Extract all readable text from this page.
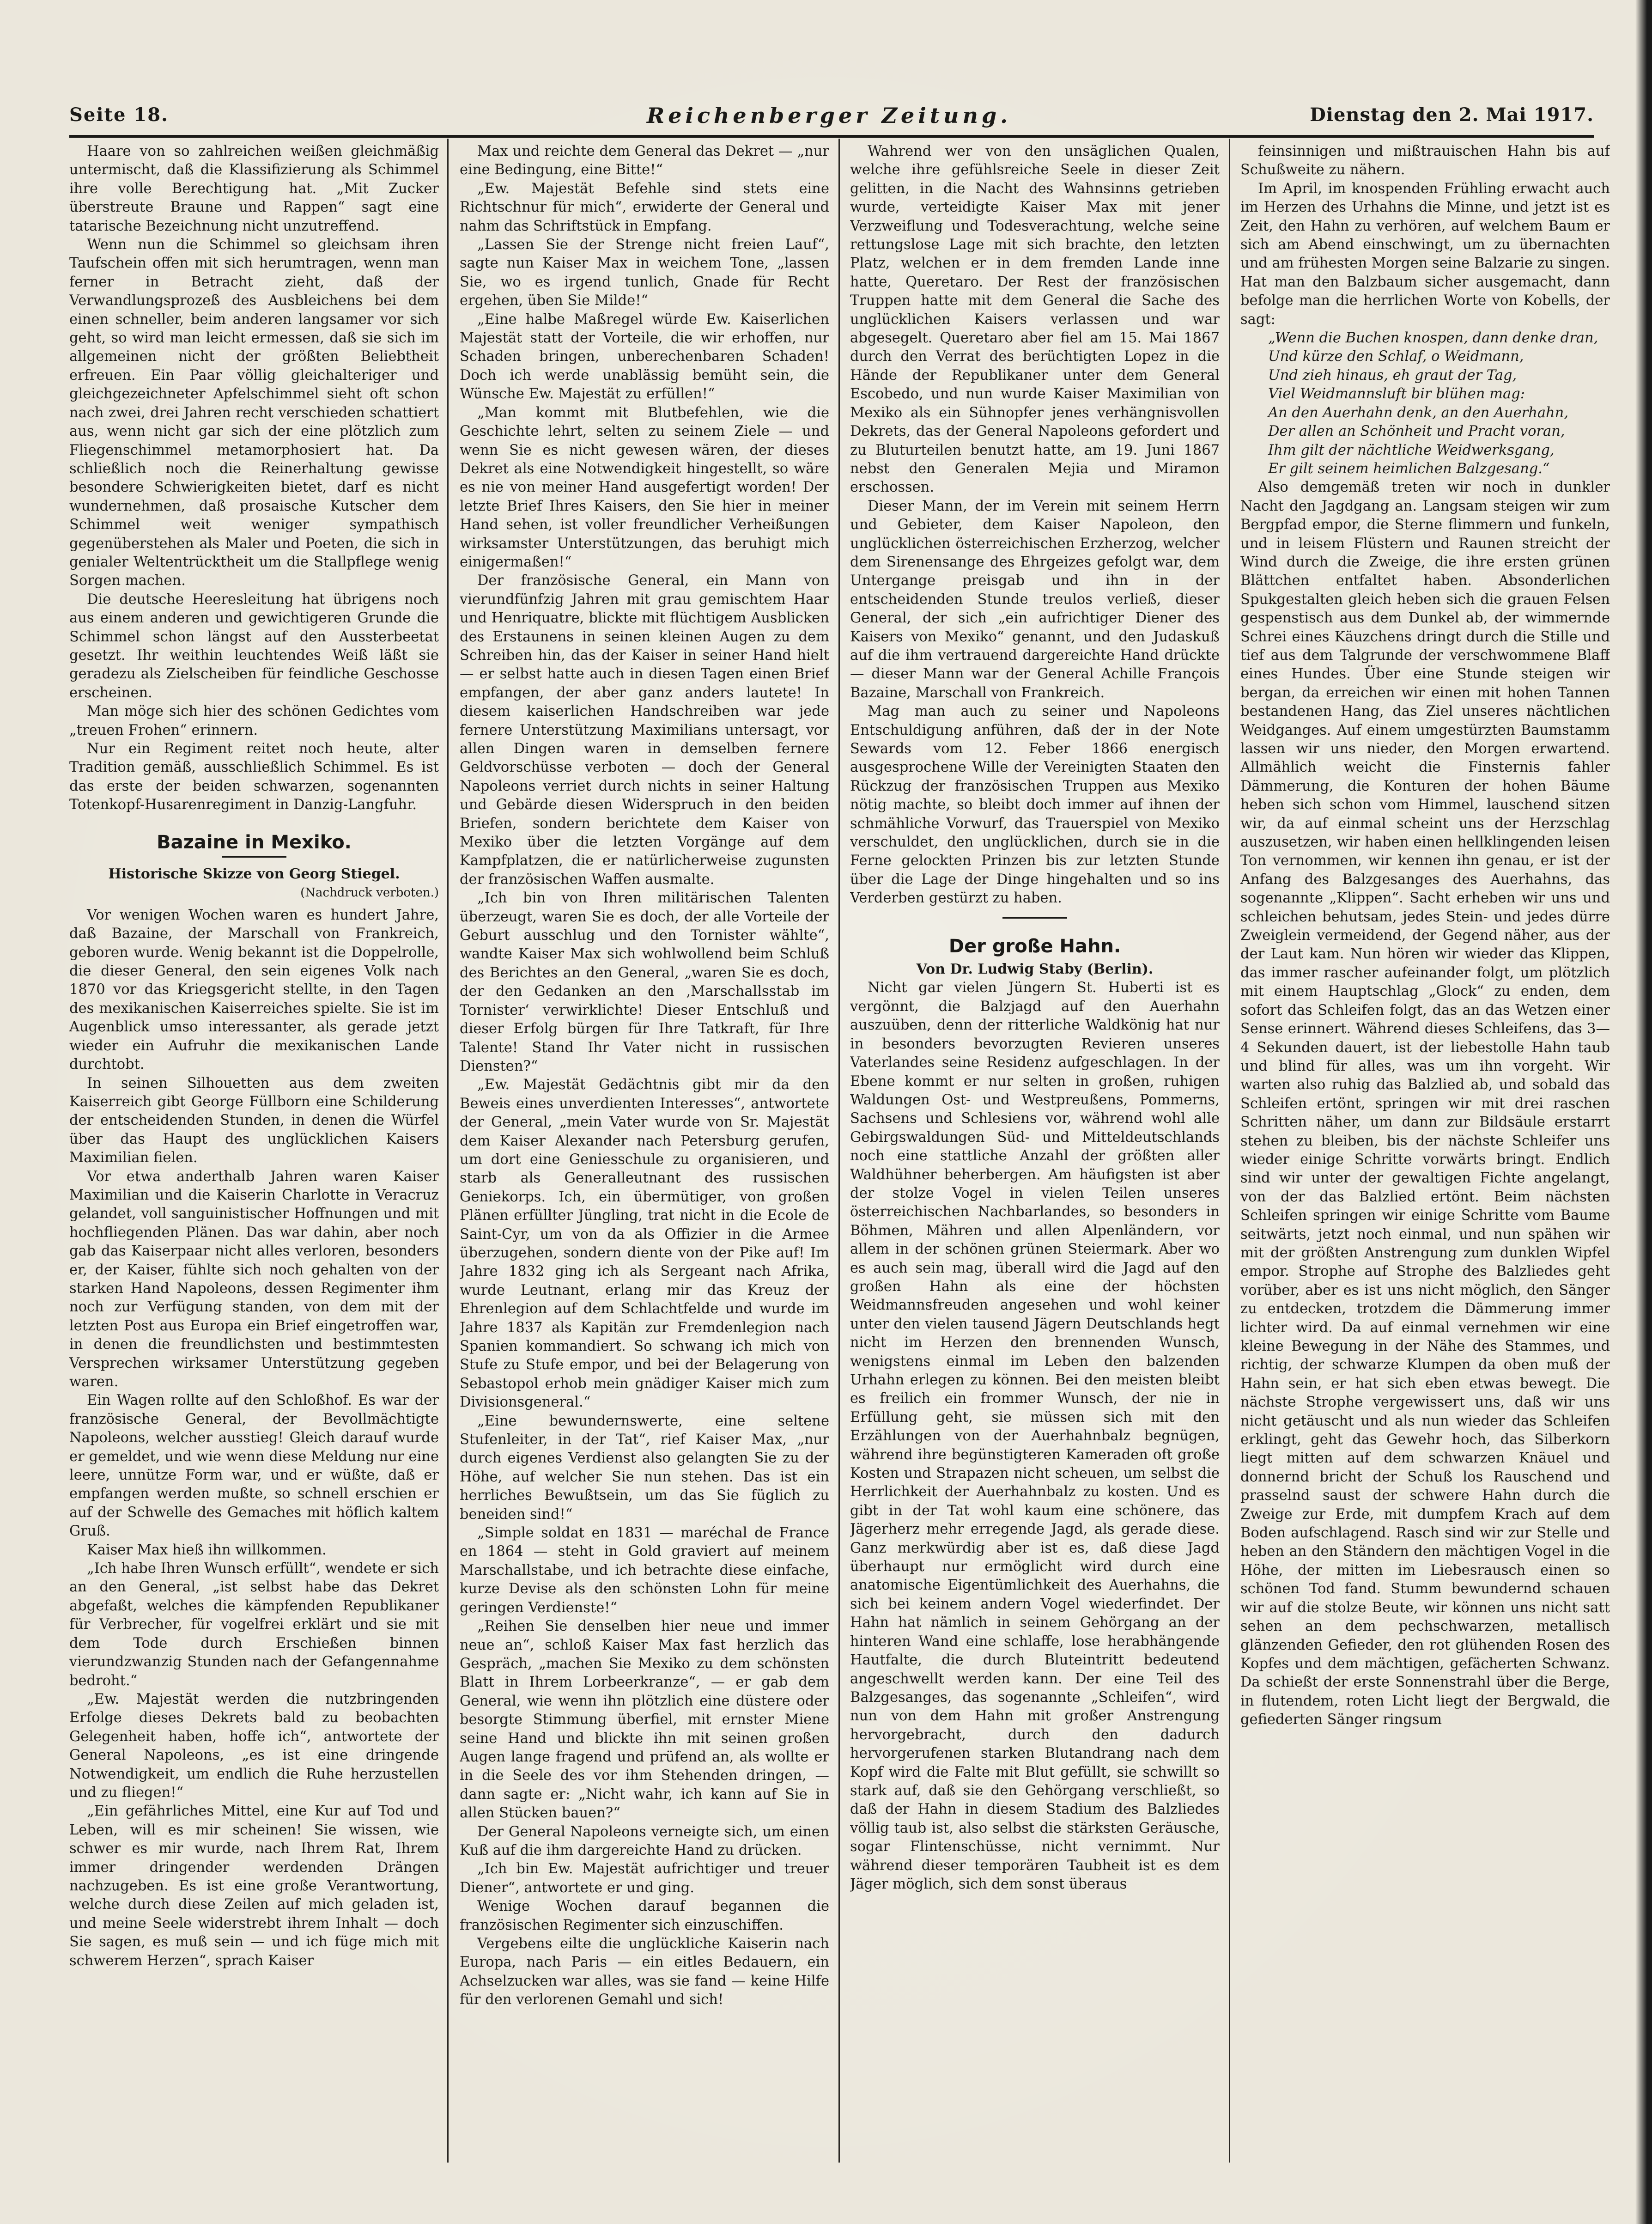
Seite 18.	Reichenberger Zeitung.	Dienstag den 2. Mai 1917.

Haare von so zahlreichen weißen gleichmäßig untermischt, daß die Klassifizierung als Schimmel ihre volle Berechtigung hat. „Mit Zucker überstreute Braune und Rappen“ sagt eine tatarische Bezeichnung nicht unzutreffend.

Wenn nun die Schimmel so gleichsam ihren Taufschein offen mit sich herumtragen, wenn man ferner in Betracht zieht, daß der Verwandlungsprozeß des Ausbleichens bei dem einen schneller, beim anderen langsamer vor sich geht, so wird man leicht ermessen, daß sie sich im allgemeinen nicht der größten Beliebtheit erfreuen. Ein Paar völlig gleichalteriger und gleichgezeichneter Apfelschimmel sieht oft schon nach zwei, drei Jahren recht verschieden schattiert aus, wenn nicht gar sich der eine plötzlich zum Fliegenschimmel metamorphosiert hat. Da schließlich noch die Reinerhaltung gewisse besondere Schwierigkeiten bietet, darf es nicht wundernehmen, daß prosaische Kutscher dem Schimmel weit weniger sympathisch gegenüberstehen als Maler und Poeten, die sich in genialer Weltentrücktheit um die Stallpflege wenig Sorgen machen.

Die deutsche Heeresleitung hat übrigens noch aus einem anderen und gewichtigeren Grunde die Schimmel schon längst auf den Aussterbeetat gesetzt. Ihr weithin leuchtendes Weiß läßt sie geradezu als Zielscheiben für feindliche Geschosse erscheinen.

Man möge sich hier des schönen Gedichtes vom „treuen Frohen“ erinnern.

Nur ein Regiment reitet noch heute, alter Tradition gemäß, ausschließlich Schimmel. Es ist das erste der beiden schwarzen, sogenannten Totenkopf-Husarenregiment in Danzig-Langfuhr.

Bazaine in Mexiko.

Historische Skizze von Georg Stiegel.

(Nachdruck verboten.)

Vor wenigen Wochen waren es hundert Jahre, daß Bazaine, der Marschall von Frankreich, geboren wurde. Wenig bekannt ist die Doppelrolle, die dieser General, den sein eigenes Volk nach 1870 vor das Kriegsgericht stellte, in den Tagen des mexikanischen Kaiserreiches spielte. Sie ist im Augenblick umso interessanter, als gerade jetzt wieder ein Aufruhr die mexikanischen Lande durchtobt.

In seinen Silhouetten aus dem zweiten Kaiserreich gibt George Füllborn eine Schilderung der entscheidenden Stunden, in denen die Würfel über das Haupt des unglücklichen Kaisers Maximilian fielen.

Vor etwa anderthalb Jahren waren Kaiser Maximilian und die Kaiserin Charlotte in Veracruz gelandet, voll sanguinistischer Hoffnungen und mit hochfliegenden Plänen. Das war dahin, aber noch gab das Kaiserpaar nicht alles verloren, besonders er, der Kaiser, fühlte sich noch gehalten von der starken Hand Napoleons, dessen Regimenter ihm noch zur Verfügung standen, von dem mit der letzten Post aus Europa ein Brief eingetroffen war, in denen die freundlichsten und bestimmtesten Versprechen wirksamer Unterstützung gegeben waren.

Ein Wagen rollte auf den Schloßhof. Es war der französische General, der Bevollmächtigte Napoleons, welcher ausstieg! Gleich darauf wurde er gemeldet, und wie wenn diese Meldung nur eine leere, unnütze Form war, und er wüßte, daß er empfangen werden mußte, so schnell erschien er auf der Schwelle des Gemaches mit höflich kaltem Gruß.

Kaiser Max hieß ihn willkommen.

„Ich habe Ihren Wunsch erfüllt“, wendete er sich an den General, „ist selbst habe das Dekret abgefaßt, welches die kämpfenden Republikaner für Verbrecher, für vogelfrei erklärt und sie mit dem Tode durch Erschießen binnen vierundzwanzig Stunden nach der Gefangennahme bedroht.“

„Ew. Majestät werden die nutzbringenden Erfolge dieses Dekrets bald zu beobachten Gelegenheit haben, hoffe ich“, antwortete der General Napoleons, „es ist eine dringende Notwendigkeit, um endlich die Ruhe herzustellen und zu fliegen!“

„Ein gefährliches Mittel, eine Kur auf Tod und Leben, will es mir scheinen! Sie wissen, wie schwer es mir wurde, nach Ihrem Rat, Ihrem immer dringender werdenden Drängen nachzugeben. Es ist eine große Verantwortung, welche durch diese Zeilen auf mich geladen ist, und meine Seele widerstrebt ihrem Inhalt — doch Sie sagen, es muß sein — und ich füge mich mit schwerem Herzen“, sprach Kaiser

Max und reichte dem General das Dekret — „nur eine Bedingung, eine Bitte!“

„Ew. Majestät Befehle sind stets eine Richtschnur für mich“, erwiderte der General und nahm das Schriftstück in Empfang.

„Lassen Sie der Strenge nicht freien Lauf“, sagte nun Kaiser Max in weichem Tone, „lassen Sie, wo es irgend tunlich, Gnade für Recht ergehen, üben Sie Milde!“

„Eine halbe Maßregel würde Ew. Kaiserlichen Majestät statt der Vorteile, die wir erhoffen, nur Schaden bringen, unberechenbaren Schaden! Doch ich werde unablässig bemüht sein, die Wünsche Ew. Majestät zu erfüllen!“

„Man kommt mit Blutbefehlen, wie die Geschichte lehrt, selten zu seinem Ziele — und wenn Sie es nicht gewesen wären, der dieses Dekret als eine Notwendigkeit hingestellt, so wäre es nie von meiner Hand ausgefertigt worden! Der letzte Brief Ihres Kaisers, den Sie hier in meiner Hand sehen, ist voller freundlicher Verheißungen wirksamster Unterstützungen, das beruhigt mich einigermaßen!“

Der französische General, ein Mann von vierundfünfzig Jahren mit grau gemischtem Haar und Henriquatre, blickte mit flüchtigem Ausblicken des Erstaunens in seinen kleinen Augen zu dem Schreiben hin, das der Kaiser in seiner Hand hielt — er selbst hatte auch in diesen Tagen einen Brief empfangen, der aber ganz anders lautete! In diesem kaiserlichen Handschreiben war jede fernere Unterstützung Maximilians untersagt, vor allen Dingen waren in demselben fernere Geldvorschüsse verboten — doch der General Napoleons verriet durch nichts in seiner Haltung und Gebärde diesen Widerspruch in den beiden Briefen, sondern berichtete dem Kaiser von Mexiko über die letzten Vorgänge auf dem Kampfplatzen, die er natürlicherweise zugunsten der französischen Waffen ausmalte.

„Ich bin von Ihren militärischen Talenten überzeugt, waren Sie es doch, der alle Vorteile der Geburt ausschlug und den Tornister wählte“, wandte Kaiser Max sich wohlwollend beim Schluß des Berichtes an den General, „waren Sie es doch, der den Gedanken an den ‚Marschallsstab im Tornister‘ verwirklichte! Dieser Entschluß und dieser Erfolg bürgen für Ihre Tatkraft, für Ihre Talente! Stand Ihr Vater nicht in russischen Diensten?“

„Ew. Majestät Gedächtnis gibt mir da den Beweis eines unverdienten Interesses“, antwortete der General, „mein Vater wurde von Sr. Majestät dem Kaiser Alexander nach Petersburg gerufen, um dort eine Geniesschule zu organisieren, und starb als Generalleutnant des russischen Geniekorps. Ich, ein übermütiger, von großen Plänen erfüllter Jüngling, trat nicht in die Ecole de Saint-Cyr, um von da als Offizier in die Armee überzugehen, sondern diente von der Pike auf! Im Jahre 1832 ging ich als Sergeant nach Afrika, wurde Leutnant, erlang mir das Kreuz der Ehrenlegion auf dem Schlachtfelde und wurde im Jahre 1837 als Kapitän zur Fremdenlegion nach Spanien kommandiert. So schwang ich mich von Stufe zu Stufe empor, und bei der Belagerung von Sebastopol erhob mein gnädiger Kaiser mich zum Divisionsgeneral.“

„Eine bewundernswerte, eine seltene Stufenleiter, in der Tat“, rief Kaiser Max, „nur durch eigenes Verdienst also gelangten Sie zu der Höhe, auf welcher Sie nun stehen. Das ist ein herrliches Bewußtsein, um das Sie füglich zu beneiden sind!“

„Simple soldat en 1831 — maréchal de France en 1864 — steht in Gold graviert auf meinem Marschallstabe, und ich betrachte diese einfache, kurze Devise als den schönsten Lohn für meine geringen Verdienste!“

„Reihen Sie denselben hier neue und immer neue an“, schloß Kaiser Max fast herzlich das Gespräch, „machen Sie Mexiko zu dem schönsten Blatt in Ihrem Lorbeerkranze“, — er gab dem General, wie wenn ihn plötzlich eine düstere oder besorgte Stimmung überfiel, mit ernster Miene seine Hand und blickte ihn mit seinen großen Augen lange fragend und prüfend an, als wollte er in die Seele des vor ihm Stehenden dringen, — dann sagte er: „Nicht wahr, ich kann auf Sie in allen Stücken bauen?“

Der General Napoleons verneigte sich, um einen Kuß auf die ihm dargereichte Hand zu drücken.

„Ich bin Ew. Majestät aufrichtiger und treuer Diener“, antwortete er und ging.

Wenige Wochen darauf begannen die französischen Regimenter sich einzuschiffen.

Vergebens eilte die unglückliche Kaiserin nach Europa, nach Paris — ein eitles Bedauern, ein Achselzucken war alles, was sie fand — keine Hilfe für den verlorenen Gemahl und sich!

Wahrend wer von den unsäglichen Qualen, welche ihre gefühlsreiche Seele in dieser Zeit gelitten, in die Nacht des Wahnsinns getrieben wurde, verteidigte Kaiser Max mit jener Verzweiflung und Todesverachtung, welche seine rettungslose Lage mit sich brachte, den letzten Platz, welchen er in dem fremden Lande inne hatte, Queretaro. Der Rest der französischen Truppen hatte mit dem General die Sache des unglücklichen Kaisers verlassen und war abgesegelt. Queretaro aber fiel am 15. Mai 1867 durch den Verrat des berüchtigten Lopez in die Hände der Republikaner unter dem General Escobedo, und nun wurde Kaiser Maximilian von Mexiko als ein Sühnopfer jenes verhängnisvollen Dekrets, das der General Napoleons gefordert und zu Bluturteilen benutzt hatte, am 19. Juni 1867 nebst den Generalen Mejia und Miramon erschossen.

Dieser Mann, der im Verein mit seinem Herrn und Gebieter, dem Kaiser Napoleon, den unglücklichen österreichischen Erzherzog, welcher dem Sirenensange des Ehrgeizes gefolgt war, dem Untergange preisgab und ihn in der entscheidenden Stunde treulos verließ, dieser General, der sich „ein aufrichtiger Diener des Kaisers von Mexiko“ genannt, und den Judaskuß auf die ihm vertrauend dargereichte Hand drückte — dieser Mann war der General Achille François Bazaine, Marschall von Frankreich.

Mag man auch zu seiner und Napoleons Entschuldigung anführen, daß der in der Note Sewards vom 12. Feber 1866 energisch ausgesprochene Wille der Vereinigten Staaten den Rückzug der französischen Truppen aus Mexiko nötig machte, so bleibt doch immer auf ihnen der schmähliche Vorwurf, das Trauerspiel von Mexiko verschuldet, den unglücklichen, durch sie in die Ferne gelockten Prinzen bis zur letzten Stunde über die Lage der Dinge hingehalten und so ins Verderben gestürzt zu haben.

Der große Hahn.

Von Dr. Ludwig Staby (Berlin).

Nicht gar vielen Jüngern St. Huberti ist es vergönnt, die Balzjagd auf den Auerhahn auszuüben, denn der ritterliche Waldkönig hat nur in besonders bevorzugten Revieren unseres Vaterlandes seine Residenz aufgeschlagen. In der Ebene kommt er nur selten in großen, ruhigen Waldungen Ost- und Westpreußens, Pommerns, Sachsens und Schlesiens vor, während wohl alle Gebirgswaldungen Süd- und Mitteldeutschlands noch eine stattliche Anzahl der größten aller Waldhühner beherbergen. Am häufigsten ist aber der stolze Vogel in vielen Teilen unseres österreichischen Nachbarlandes, so besonders in Böhmen, Mähren und allen Alpenländern, vor allem in der schönen grünen Steiermark. Aber wo es auch sein mag, überall wird die Jagd auf den großen Hahn als eine der höchsten Weidmannsfreuden angesehen und wohl keiner unter den vielen tausend Jägern Deutschlands hegt nicht im Herzen den brennenden Wunsch, wenigstens einmal im Leben den balzenden Urhahn erlegen zu können. Bei den meisten bleibt es freilich ein frommer Wunsch, der nie in Erfüllung geht, sie müssen sich mit den Erzählungen von der Auerhahnbalz begnügen, während ihre begünstigteren Kameraden oft große Kosten und Strapazen nicht scheuen, um selbst die Herrlichkeit der Auerhahnbalz zu kosten. Und es gibt in der Tat wohl kaum eine schönere, das Jägerherz mehr erregende Jagd, als gerade diese. Ganz merkwürdig aber ist es, daß diese Jagd überhaupt nur ermöglicht wird durch eine anatomische Eigentümlichkeit des Auerhahns, die sich bei keinem andern Vogel wiederfindet. Der Hahn hat nämlich in seinem Gehörgang an der hinteren Wand eine schlaffe, lose herabhängende Hautfalte, die durch Bluteintritt bedeutend angeschwellt werden kann. Der eine Teil des Balzgesanges, das sogenannte „Schleifen“, wird nun von dem Hahn mit großer Anstrengung hervorgebracht, durch den dadurch hervorgerufenen starken Blutandrang nach dem Kopf wird die Falte mit Blut gefüllt, sie schwillt so stark auf, daß sie den Gehörgang verschließt, so daß der Hahn in diesem Stadium des Balzliedes völlig taub ist, also selbst die stärksten Geräusche, sogar Flintenschüsse, nicht vernimmt. Nur während dieser temporären Taubheit ist es dem Jäger möglich, sich dem sonst überaus

feinsinnigen und mißtrauischen Hahn bis auf Schußweite zu nähern.

Im April, im knospenden Frühling erwacht auch im Herzen des Urhahns die Minne, und jetzt ist es Zeit, den Hahn zu verhören, auf welchem Baum er sich am Abend einschwingt, um zu übernachten und am frühesten Morgen seine Balzarie zu singen. Hat man den Balzbaum sicher ausgemacht, dann befolge man die herrlichen Worte von Kobells, der sagt:

„Wenn die Buchen knospen, dann denke dran,

Und kürze den Schlaf, o Weidmann,

Und zieh hinaus, eh graut der Tag,

Viel Weidmannsluft bir blühen mag:

An den Auerhahn denk, an den Auerhahn,

Der allen an Schönheit und Pracht voran,

Ihm gilt der nächtliche Weidwerksgang,

Er gilt seinem heimlichen Balzgesang.“

Also demgemäß treten wir noch in dunkler Nacht den Jagdgang an. Langsam steigen wir zum Bergpfad empor, die Sterne flimmern und funkeln, und in leisem Flüstern und Raunen streicht der Wind durch die Zweige, die ihre ersten grünen Blättchen entfaltet haben. Absonderlichen Spukgestalten gleich heben sich die grauen Felsen gespenstisch aus dem Dunkel ab, der wimmernde Schrei eines Käuzchens dringt durch die Stille und tief aus dem Talgrunde der verschwommene Blaff eines Hundes. Über eine Stunde steigen wir bergan, da erreichen wir einen mit hohen Tannen bestandenen Hang, das Ziel unseres nächtlichen Weidganges. Auf einem umgestürzten Baumstamm lassen wir uns nieder, den Morgen erwartend. Allmählich weicht die Finsternis fahler Dämmerung, die Konturen der hohen Bäume heben sich schon vom Himmel, lauschend sitzen wir, da auf einmal scheint uns der Herzschlag auszusetzen, wir haben einen hellklingenden leisen Ton vernommen, wir kennen ihn genau, er ist der Anfang des Balzgesanges des Auerhahns, das sogenannte „Klippen“. Sacht erheben wir uns und schleichen behutsam, jedes Stein- und jedes dürre Zweiglein vermeidend, der Gegend näher, aus der der Laut kam. Nun hören wir wieder das Klippen, das immer rascher aufeinander folgt, um plötzlich mit einem Hauptschlag „Glock“ zu enden, dem sofort das Schleifen folgt, das an das Wetzen einer Sense erinnert. Während dieses Schleifens, das 3—4 Sekunden dauert, ist der liebestolle Hahn taub und blind für alles, was um ihn vorgeht. Wir warten also ruhig das Balzlied ab, und sobald das Schleifen ertönt, springen wir mit drei raschen Schritten näher, um dann zur Bildsäule erstarrt stehen zu bleiben, bis der nächste Schleifer uns wieder einige Schritte vorwärts bringt. Endlich sind wir unter der gewaltigen Fichte angelangt, von der das Balzlied ertönt. Beim nächsten Schleifen springen wir einige Schritte vom Baume seitwärts, jetzt noch einmal, und nun spähen wir mit der größten Anstrengung zum dunklen Wipfel empor. Strophe auf Strophe des Balzliedes geht vorüber, aber es ist uns nicht möglich, den Sänger zu entdecken, trotzdem die Dämmerung immer lichter wird. Da auf einmal vernehmen wir eine kleine Bewegung in der Nähe des Stammes, und richtig, der schwarze Klumpen da oben muß der Hahn sein, er hat sich eben etwas bewegt. Die nächste Strophe vergewissert uns, daß wir uns nicht getäuscht und als nun wieder das Schleifen erklingt, geht das Gewehr hoch, das Silberkorn liegt mitten auf dem schwarzen Knäuel und donnernd bricht der Schuß los Rauschend und prasselnd saust der schwere Hahn durch die Zweige zur Erde, mit dumpfem Krach auf dem Boden aufschlagend. Rasch sind wir zur Stelle und heben an den Ständern den mächtigen Vogel in die Höhe, der mitten im Liebesrausch einen so schönen Tod fand. Stumm bewundernd schauen wir auf die stolze Beute, wir können uns nicht satt sehen an dem pechschwarzen, metallisch glänzenden Gefieder, den rot glühenden Rosen des Kopfes und dem mächtigen, gefächerten Schwanz. Da schießt der erste Sonnenstrahl über die Berge, in flutendem, roten Licht liegt der Bergwald, die gefiederten Sänger ringsum
